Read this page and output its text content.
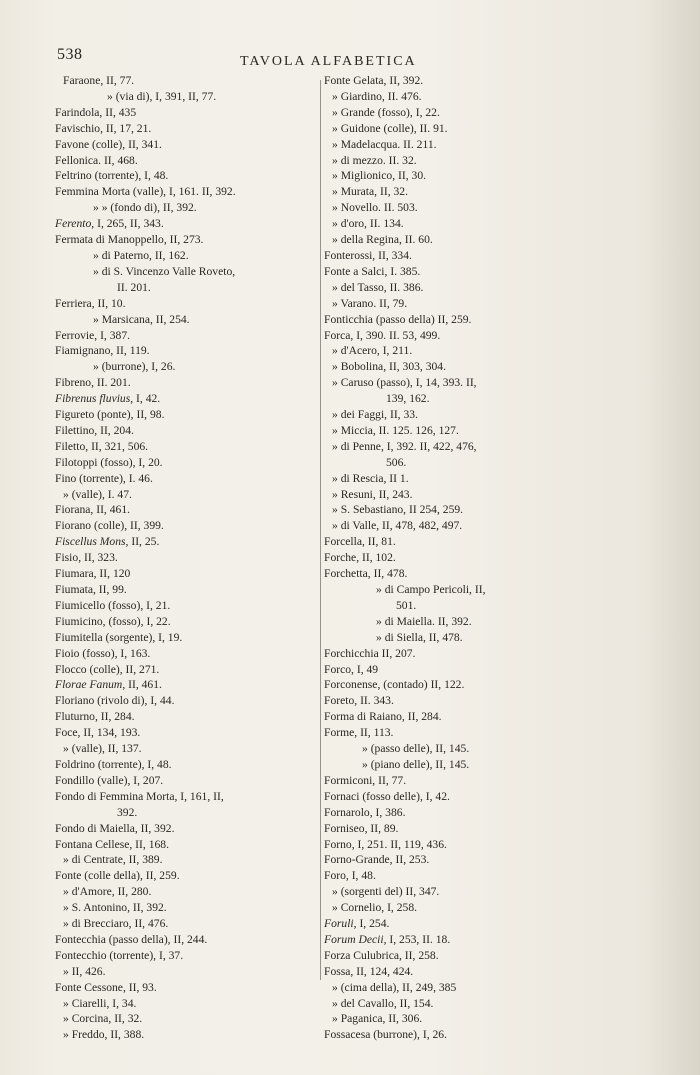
538	TAVOLA ALFABETICA
Faraone, II, 77.
» (via di), I, 391, II, 77.
Farindola, II, 435
Favischio, II, 17, 21.
Favone (colle), II, 341.
Fellonica. II, 468.
Feltrino (torrente), I, 48.
Femmina Morta (valle), I, 161. II, 392.
» » (fondo di), II, 392.
Ferento, I, 265, II, 343.
Fermata di Manoppello, II, 273.
» di Paterno, II, 162.
» di S. Vincenzo Valle Roveto,
II. 201.
Ferriera, II, 10.
» Marsicana, II, 254.
Ferrovie, I, 387.
Fiamignano, II, 119.
» (burrone), I, 26.
Fibreno, II. 201.
Fibrenus fluvius, I, 42.
Figureto (ponte), II, 98.
Filettino, II, 204.
Filetto, II, 321, 506.
Filotoppi (fosso), I, 20.
Fino (torrente), I. 46.
» (valle), I. 47.
Fiorana, II, 461.
Fiorano (colle), II, 399.
Fiscellus Mons, II, 25.
Fisio, II, 323.
Fiumara, II, 120
Fiumata, II, 99.
Fiumicello (fosso), I, 21.
Fiumicino, (fosso), I, 22.
Fiumitella (sorgente), I, 19.
Fioio (fosso), I, 163.
Flocco (colle), II, 271.
Florae Fanum, II, 461.
Floriano (rivolo di), I, 44.
Fluturno, II, 284.
Foce, II, 134, 193.
» (valle), II, 137.
Foldrino (torrente), I, 48.
Fondillo (valle), I, 207.
Fondo di Femmina Morta, I, 161, II,
392.
Fondo di Maiella, II, 392.
Fontana Cellese, II, 168.
» di Centrate, II, 389.
Fonte (colle della), II, 259.
» d'Amore, II, 280.
» S. Antonino, II, 392.
» di Brecciaro, II, 476.
Fontecchia (passo della), II, 244.
Fontecchio (torrente), I, 37.
» II, 426.
Fonte Cessone, II, 93.
» Ciarelli, I, 34.
» Corcina, II, 32.
» Freddo, II, 388.
Fonte Gelata, II, 392.
» Giardino, II. 476.
» Grande (fosso), I, 22.
» Guidone (colle), II. 91.
» Madelacqua. II. 211.
» di mezzo. II. 32.
» Miglionico, II, 30.
» Murata, II, 32.
» Novello. II. 503.
» d'oro, II. 134.
» della Regina, II. 60.
Fonterossi, II, 334.
Fonte a Salci, I. 385.
» del Tasso, II. 386.
» Varano. II, 79.
Fonticchia (passo della) II, 259.
Forca, I, 390. II. 53, 499.
» d'Acero, I, 211.
» Bobolina, II, 303, 304.
» Caruso (passo), I, 14, 393. II,
139, 162.
» dei Faggi, II, 33.
» Miccia, II. 125. 126, 127.
» di Penne, I, 392. II, 422, 476,
506.
» di Rescia, II 1.
» Resuni, II, 243.
» S. Sebastiano, II 254, 259.
» di Valle, II, 478, 482, 497.
Forcella, II, 81.
Forche, II, 102.
Forchetta, II, 478.
» di Campo Pericoli, II,
501.
» di Maiella. II, 392.
» di Siella, II, 478.
Forchicchia II, 207.
Forco, I, 49
Forconense, (contado) II, 122.
Foreto, II. 343.
Forma di Raiano, II, 284.
Forme, II, 113.
» (passo delle), II, 145.
» (piano delle), II, 145.
Formiconi, II, 77.
Fornaci (fosso delle), I, 42.
Fornarolo, I, 386.
Forniseo, II, 89.
Forno, I, 251. II, 119, 436.
Forno-Grande, II, 253.
Foro, I, 48.
» (sorgenti del) II, 347.
» Cornelio, I, 258.
Foruli, I, 254.
Forum Decii, I, 253, II. 18.
Forza Culubrica, II, 258.
Fossa, II, 124, 424.
» (cima della), II, 249, 385
» del Cavallo, II, 154.
» Paganica, II, 306.
Fossacesa (burrone), I, 26.
